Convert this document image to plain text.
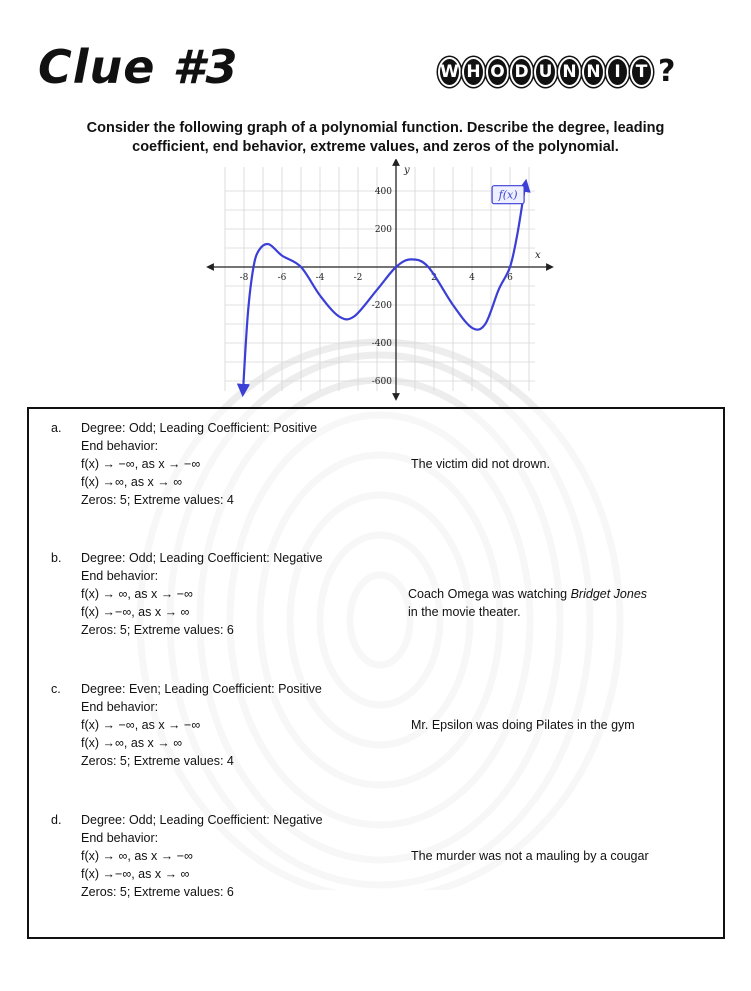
Clue #3	W H O D U N N I T ?
Consider the following graph of a polynomial function. Describe the degree, leading
coefficient, end behavior, extreme values, and zeros of the polynomial.
-8	-6	-4	-2	2	4	6
400
200
-200
-400
-600
f(x)
x
y
a. Degree: Odd; Leading Coefficient: Positive
End behavior:
f(x) → −∞, as x → −∞
f(x) →∞, as x → ∞
Zeros: 5; Extreme values: 4
The victim did not drown.
b. Degree: Odd; Leading Coefficient: Negative
End behavior:
f(x) → ∞, as x → −∞
f(x) →−∞, as x → ∞
Zeros: 5; Extreme values: 6
Coach Omega was watching Bridget Jones
in the movie theater.
c. Degree: Even; Leading Coefficient: Positive
End behavior:
f(x) → −∞, as x → −∞
f(x) →∞, as x → ∞
Zeros: 5; Extreme values: 4
Mr. Epsilon was doing Pilates in the gym
d. Degree: Odd; Leading Coefficient: Negative
End behavior:
f(x) → ∞, as x → −∞
f(x) →−∞, as x → ∞
Zeros: 5; Extreme values: 6
The murder was not a mauling by a cougar
